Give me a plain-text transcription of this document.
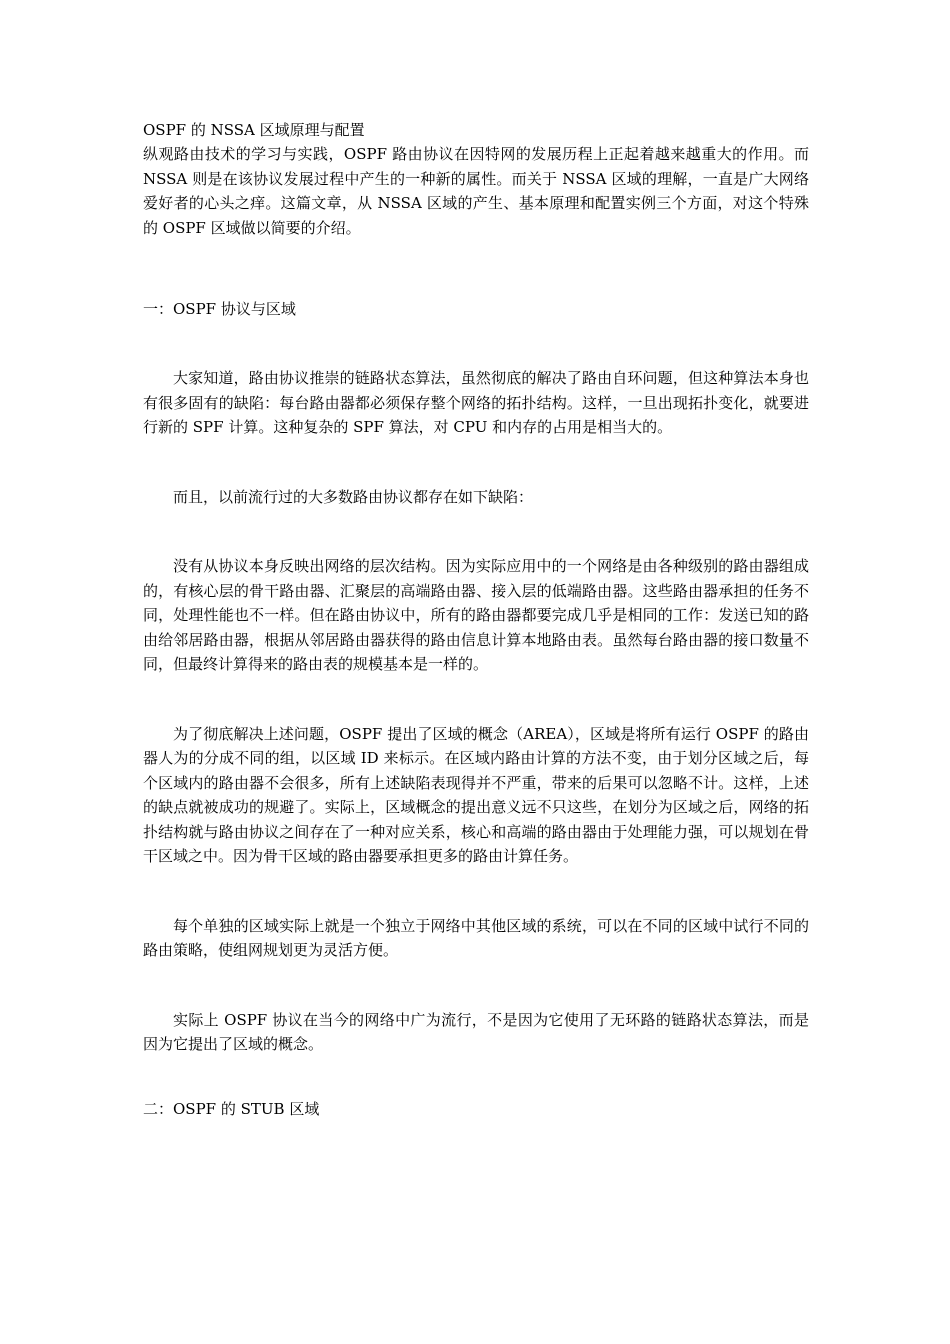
OSPF 的 NSSA 区域原理与配置

纵观路由技术的学习与实践，OSPF 路由协议在因特网的发展历程上正起着越来越重大的作用。而 NSSA 则是在该协议发展过程中产生的一种新的属性。而关于 NSSA 区域的理解，一直是广大网络爱好者的心头之痒。这篇文章，从 NSSA 区域的产生、基本原理和配置实例三个方面，对这个特殊的 OSPF 区域做以简要的介绍。

一：OSPF 协议与区域

大家知道，路由协议推崇的链路状态算法，虽然彻底的解决了路由自环问题，但这种算法本身也有很多固有的缺陷：每台路由器都必须保存整个网络的拓扑结构。这样，一旦出现拓扑变化，就要进行新的 SPF 计算。这种复杂的 SPF 算法，对 CPU 和内存的占用是相当大的。

而且，以前流行过的大多数路由协议都存在如下缺陷：

没有从协议本身反映出网络的层次结构。因为实际应用中的一个网络是由各种级别的路由器组成的，有核心层的骨干路由器、汇聚层的高端路由器、接入层的低端路由器。这些路由器承担的任务不同，处理性能也不一样。但在路由协议中，所有的路由器都要完成几乎是相同的工作：发送已知的路由给邻居路由器，根据从邻居路由器获得的路由信息计算本地路由表。虽然每台路由器的接口数量不同，但最终计算得来的路由表的规模基本是一样的。

为了彻底解决上述问题，OSPF 提出了区域的概念（AREA），区域是将所有运行 OSPF 的路由器人为的分成不同的组，以区域 ID 来标示。在区域内路由计算的方法不变，由于划分区域之后，每个区域内的路由器不会很多，所有上述缺陷表现得并不严重，带来的后果可以忽略不计。这样，上述的缺点就被成功的规避了。实际上，区域概念的提出意义远不只这些，在划分为区域之后，网络的拓扑结构就与路由协议之间存在了一种对应关系，核心和高端的路由器由于处理能力强，可以规划在骨干区域之中。因为骨干区域的路由器要承担更多的路由计算任务。

每个单独的区域实际上就是一个独立于网络中其他区域的系统，可以在不同的区域中试行不同的路由策略，使组网规划更为灵活方便。

实际上 OSPF 协议在当今的网络中广为流行，不是因为它使用了无环路的链路状态算法，而是因为它提出了区域的概念。

二：OSPF 的 STUB 区域
